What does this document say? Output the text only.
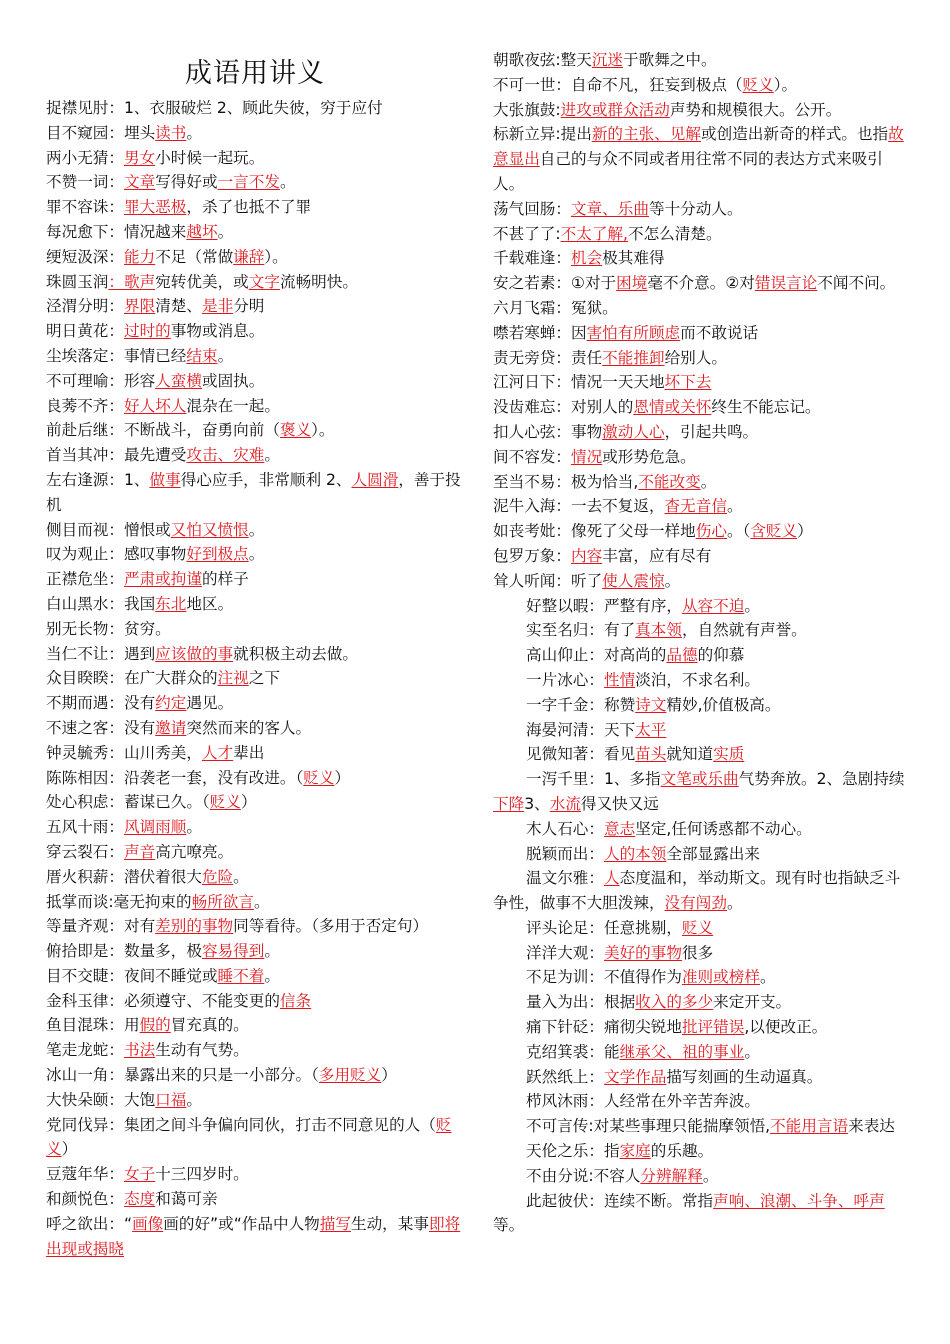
成语用讲义

捉襟见肘：1、衣服破烂 2、顾此失彼，穷于应付

目不窥园：埋头读书。

两小无猜：男女小时候一起玩。

不赞一词：文章写得好或一言不发。

罪不容诛：罪大恶极，杀了也抵不了罪

每况愈下：情况越来越坏。

绠短汲深：能力不足（常做谦辞）。

珠圆玉润：歌声宛转优美，或文字流畅明快。

泾渭分明：界限清楚、是非分明

明日黄花：过时的事物或消息。

尘埃落定：事情已经结束。

不可理喻：形容人蛮横或固执。

良莠不齐：好人坏人混杂在一起。

前赴后继：不断战斗，奋勇向前（褒义）。

首当其冲：最先遭受攻击、灾难。

左右逢源：1、做事得心应手，非常顺利 2、人圆滑，善于投机

侧目而视：憎恨或又怕又愤恨。

叹为观止：感叹事物好到极点。

正襟危坐：严肃或拘谨的样子

白山黑水：我国东北地区。

别无长物：贫穷。

当仁不让：遇到应该做的事就积极主动去做。

众目睽睽：在广大群众的注视之下

不期而遇：没有约定遇见。

不速之客：没有邀请突然而来的客人。

钟灵毓秀：山川秀美，人才辈出

陈陈相因：沿袭老一套，没有改进。（贬义）

处心积虑：蓄谋已久。（贬义）

五风十雨：风调雨顺。

穿云裂石：声音高亢嘹亮。

厝火积薪：潜伏着很大危险。

抵掌而谈:毫无拘束的畅所欲言。

等量齐观：对有差别的事物同等看待。（多用于否定句）

俯拾即是：数量多，极容易得到。

目不交睫：夜间不睡觉或睡不着。

金科玉律：必须遵守、不能变更的信条

鱼目混珠：用假的冒充真的。

笔走龙蛇：书法生动有气势。

冰山一角：暴露出来的只是一小部分。（多用贬义）

大快朵颐：大饱口福。

党同伐异：集团之间斗争偏向同伙，打击不同意见的人（贬义）

豆蔻年华：女子十三四岁时。

和颜悦色：态度和蔼可亲

呼之欲出：“画像画的好”或“作品中人物描写生动，某事即将出现或揭晓

朝歌夜弦:整天沉迷于歌舞之中。

不可一世：自命不凡，狂妄到极点（贬义）。

大张旗鼓:进攻或群众活动声势和规模很大。公开。

标新立异:提出新的主张、见解或创造出新奇的样式。也指故意显出自己的与众不同或者用往常不同的表达方式来吸引人。

荡气回肠：文章、乐曲等十分动人。

不甚了了:不太了解,不怎么清楚。

千载难逢：机会极其难得

安之若素：①对于困境毫不介意。②对错误言论不闻不问。

六月飞霜：冤狱。

噤若寒蝉：因害怕有所顾虑而不敢说话

责无旁贷：责任不能推卸给别人。

江河日下：情况一天天地坏下去

没齿难忘：对别人的恩情或关怀终生不能忘记。

扣人心弦：事物激动人心，引起共鸣。

间不容发：情况或形势危急。

至当不易：极为恰当,不能改变。

泥牛入海：一去不复返，杳无音信。

如丧考妣：像死了父母一样地伤心。（含贬义）

包罗万象：内容丰富，应有尽有

耸人听闻：听了使人震惊。

好整以暇：严整有序，从容不迫。

实至名归：有了真本领，自然就有声誉。

高山仰止：对高尚的品德的仰慕

一片冰心：性情淡泊，不求名利。

一字千金：称赞诗文精妙,价值极高。

海晏河清：天下太平

见微知著：看见苗头就知道实质

一泻千里：1、多指文笔或乐曲气势奔放。2、急剧持续下降3、水流得又快又远

木人石心：意志坚定,任何诱惑都不动心。

脱颖而出：人的本领全部显露出来

温文尔雅：人态度温和，举动斯文。现有时也指缺乏斗争性，做事不大胆泼辣，没有闯劲。

评头论足：任意挑剔，贬义

洋洋大观：美好的事物很多

不足为训：不值得作为准则或榜样。

量入为出：根据收入的多少来定开支。

痛下针砭：痛彻尖锐地批评错误,以便改正。

克绍箕裘：能继承父、祖的事业。

跃然纸上：文学作品描写刻画的生动逼真。

栉风沐雨：人经常在外辛苦奔波。

不可言传:对某些事理只能揣摩领悟,不能用言语来表达

天伦之乐：指家庭的乐趣。

不由分说:不容人分辨解释。

此起彼伏：连续不断。常指声响、浪潮、斗争、呼声等。
